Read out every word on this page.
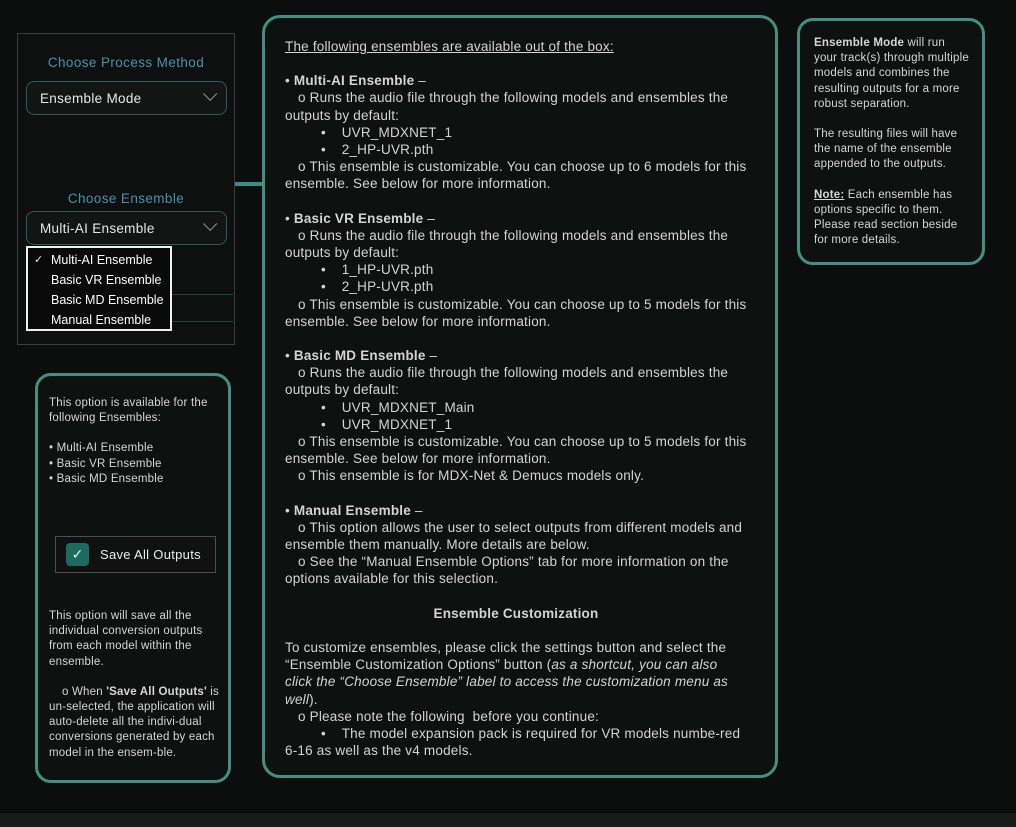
Choose Process Method
Ensemble Mode
Choose Ensemble
Multi-AI Ensemble
✓ Multi-AI Ensemble
Basic VR Ensemble
Basic MD Ensemble
Manual Ensemble
The following ensembles are available out of the box:
• Multi-AI Ensemble –
o Runs the audio file through the following models and ensembles the outputs by default:
•    UVR_MDXNET_1
•    2_HP-UVR.pth
o This ensemble is customizable. You can choose up to 6 models for this ensemble. See below for more information.
• Basic VR Ensemble –
o Runs the audio file through the following models and ensembles the outputs by default:
•    1_HP-UVR.pth
•    2_HP-UVR.pth
o This ensemble is customizable. You can choose up to 5 models for this ensemble. See below for more information.
• Basic MD Ensemble –
o Runs the audio file through the following models and ensembles the outputs by default:
•    UVR_MDXNET_Main
•    UVR_MDXNET_1
o This ensemble is customizable. You can choose up to 5 models for this ensemble. See below for more information.
o This ensemble is for MDX-Net & Demucs models only.
• Manual Ensemble –
o This option allows the user to select outputs from different models and
ensemble them manually. More details are below.
o See the “Manual Ensemble Options” tab for more information on the options available for this selection.
Ensemble Customization
To customize ensembles, please click the settings button and select the “Ensemble Customization Options” button (as a shortcut, you can also click the “Choose Ensemble” label to access the customization menu as well).
o Please note the following  before you continue:
•    The model expansion pack is required for VR models numbe-red 6-16 as well as the v4 models.
Ensemble Mode will run your track(s) through multiple models and combines the resulting outputs for a more robust separation.
The resulting files will have the name of the ensemble appended to the outputs.
Note: Each ensemble has options specific to them. Please read section beside for more details.
This option is available for the following Ensembles:
• Multi-AI Ensemble
• Basic VR Ensemble
• Basic MD Ensemble
✓	Save All Outputs
This option will save all the individual conversion outputs from each model within the ensemble.
o When 'Save All Outputs' is un-selected, the application will auto-delete all the indivi-dual conversions generated by each model in the ensem-ble.
